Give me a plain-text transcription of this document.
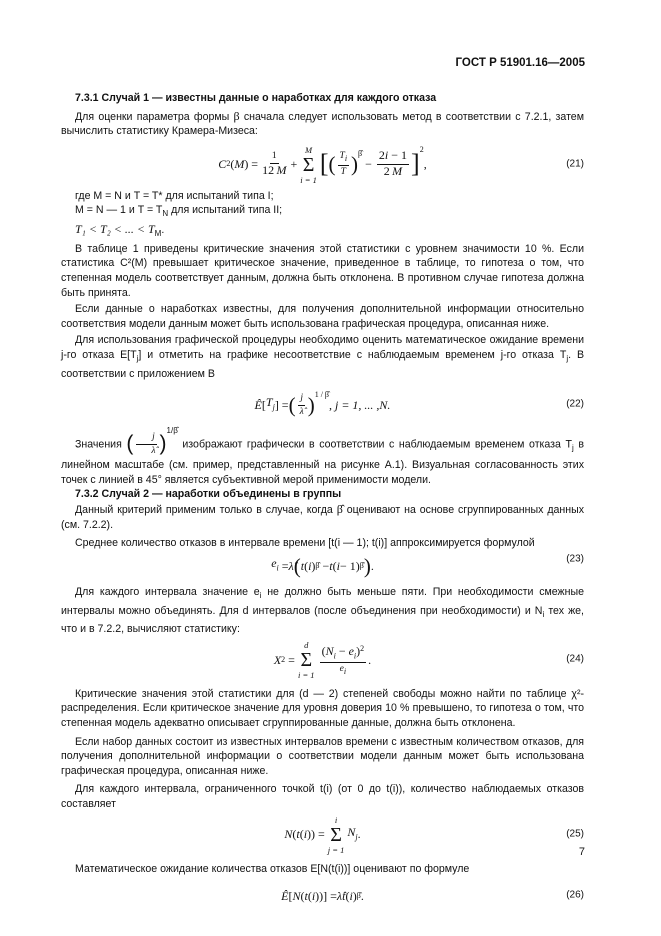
ГОСТ Р 51901.16—2005

7.3.1 Случай 1 — известны данные о наработках для каждого отказа

Для оценки параметра формы β сначала следует использовать метод в соответствии с 7.2.1, затем вычислить статистику Крамера-Мизеса:

C 2 ( M ) = $\frac{1}{12 M}$ +
M
Σ
i = 1
[ ( $\frac{T_i}{T} )^{\betâ}$
− $\frac{2i - 1}{2 M} ]^2$
,	(21)

где M = N и T = T* для испытаний типа I;

M = N — 1 и $T = T_N$ для испытаний типа II;

T₁ < T₂ < ... < $T_M$.

В таблице 1 приведены критические значения этой статистики с уровнем значимости 10 %. Если статистика C²(M) превышает критическое значение, приведенное в таблице, то гипотеза о том, что степенная модель соответствует данным, должна быть отклонена. В противном случае гипотеза должна быть принята.

Если данные о наработках известны, для получения дополнительной информации относительно соответствия модели данным может быть использована графическая процедура, описанная ниже.

Для использования графической процедуры необходимо оценить математическое ожидание времени j-го отказа $E[T_j]$ и отметить на графике несоответствие с наблюдаемым временем j-го отказа $T_j$. В соответствии с приложением В

Ê [ $T_j$ ] = ( $\frac{j}{\lambdâ} )^{1 / \betâ}$
, j = 1, ... ,N.	(22)

Значения ( $\frac{j}{\lambdâ} )^{1/\betâ}$ изображают графически в соответствии с наблюдаемым временем отказа $T_j$ в линейном масштабе (см. пример, представленный на рисунке А.1). Визуальная согласованность этих точек с линией в 45° является субъективной мерой применимости модели.

7.3.2 Случай 2 — наработки объединены в группы

Данный критерий применим только в случае, когда β̂ оценивают на основе сгруппированных данных (см. 7.2.2).

Среднее количество отказов в интервале времени [t(i — 1); t(i)] аппроксимируется формулой

$e_i$ = λ̂ ( t ( i ) β̂ − t ( i − 1) β̂ ) .	(23)

Для каждого интервала значение $e_i$ не должно быть меньше пяти. При необходимости смежные интервалы можно объединять. Для d интервалов (после объединения при необходимости) и $N_i$ тех же, что и в 7.2.2, вычисляют статистику:

X 2 =
d
Σ
$i = 1 \frac{(N_i - e_i)^2}{e_i}$ .	(24)

Критические значения этой статистики для (d — 2) степеней свободы можно найти по таблице χ²- распределения. Если критическое значение для уровня доверия 10 % превышено, то гипотеза о том, что степенная модель адекватно описывает сгруппированные данные, должна быть отклонена.

Если набор данных состоит из известных интервалов времени с известным количеством отказов, для получения дополнительной информации о соответствии модели данным может быть использована графическая процедура, описанная ниже.

Для каждого интервала, ограниченного точкой t(i) (от 0 до t(i)), количество наблюдаемых отказов составляет

N ( t ( i )) =
i
Σ
j = 1
$N_j$ .	(25)

Математическое ожидание количества отказов E[N(t(i))] оценивают по формуле

Ê [ N ( t ( i ))] = λ̂t ( i ) β̂ .	(26)
7
